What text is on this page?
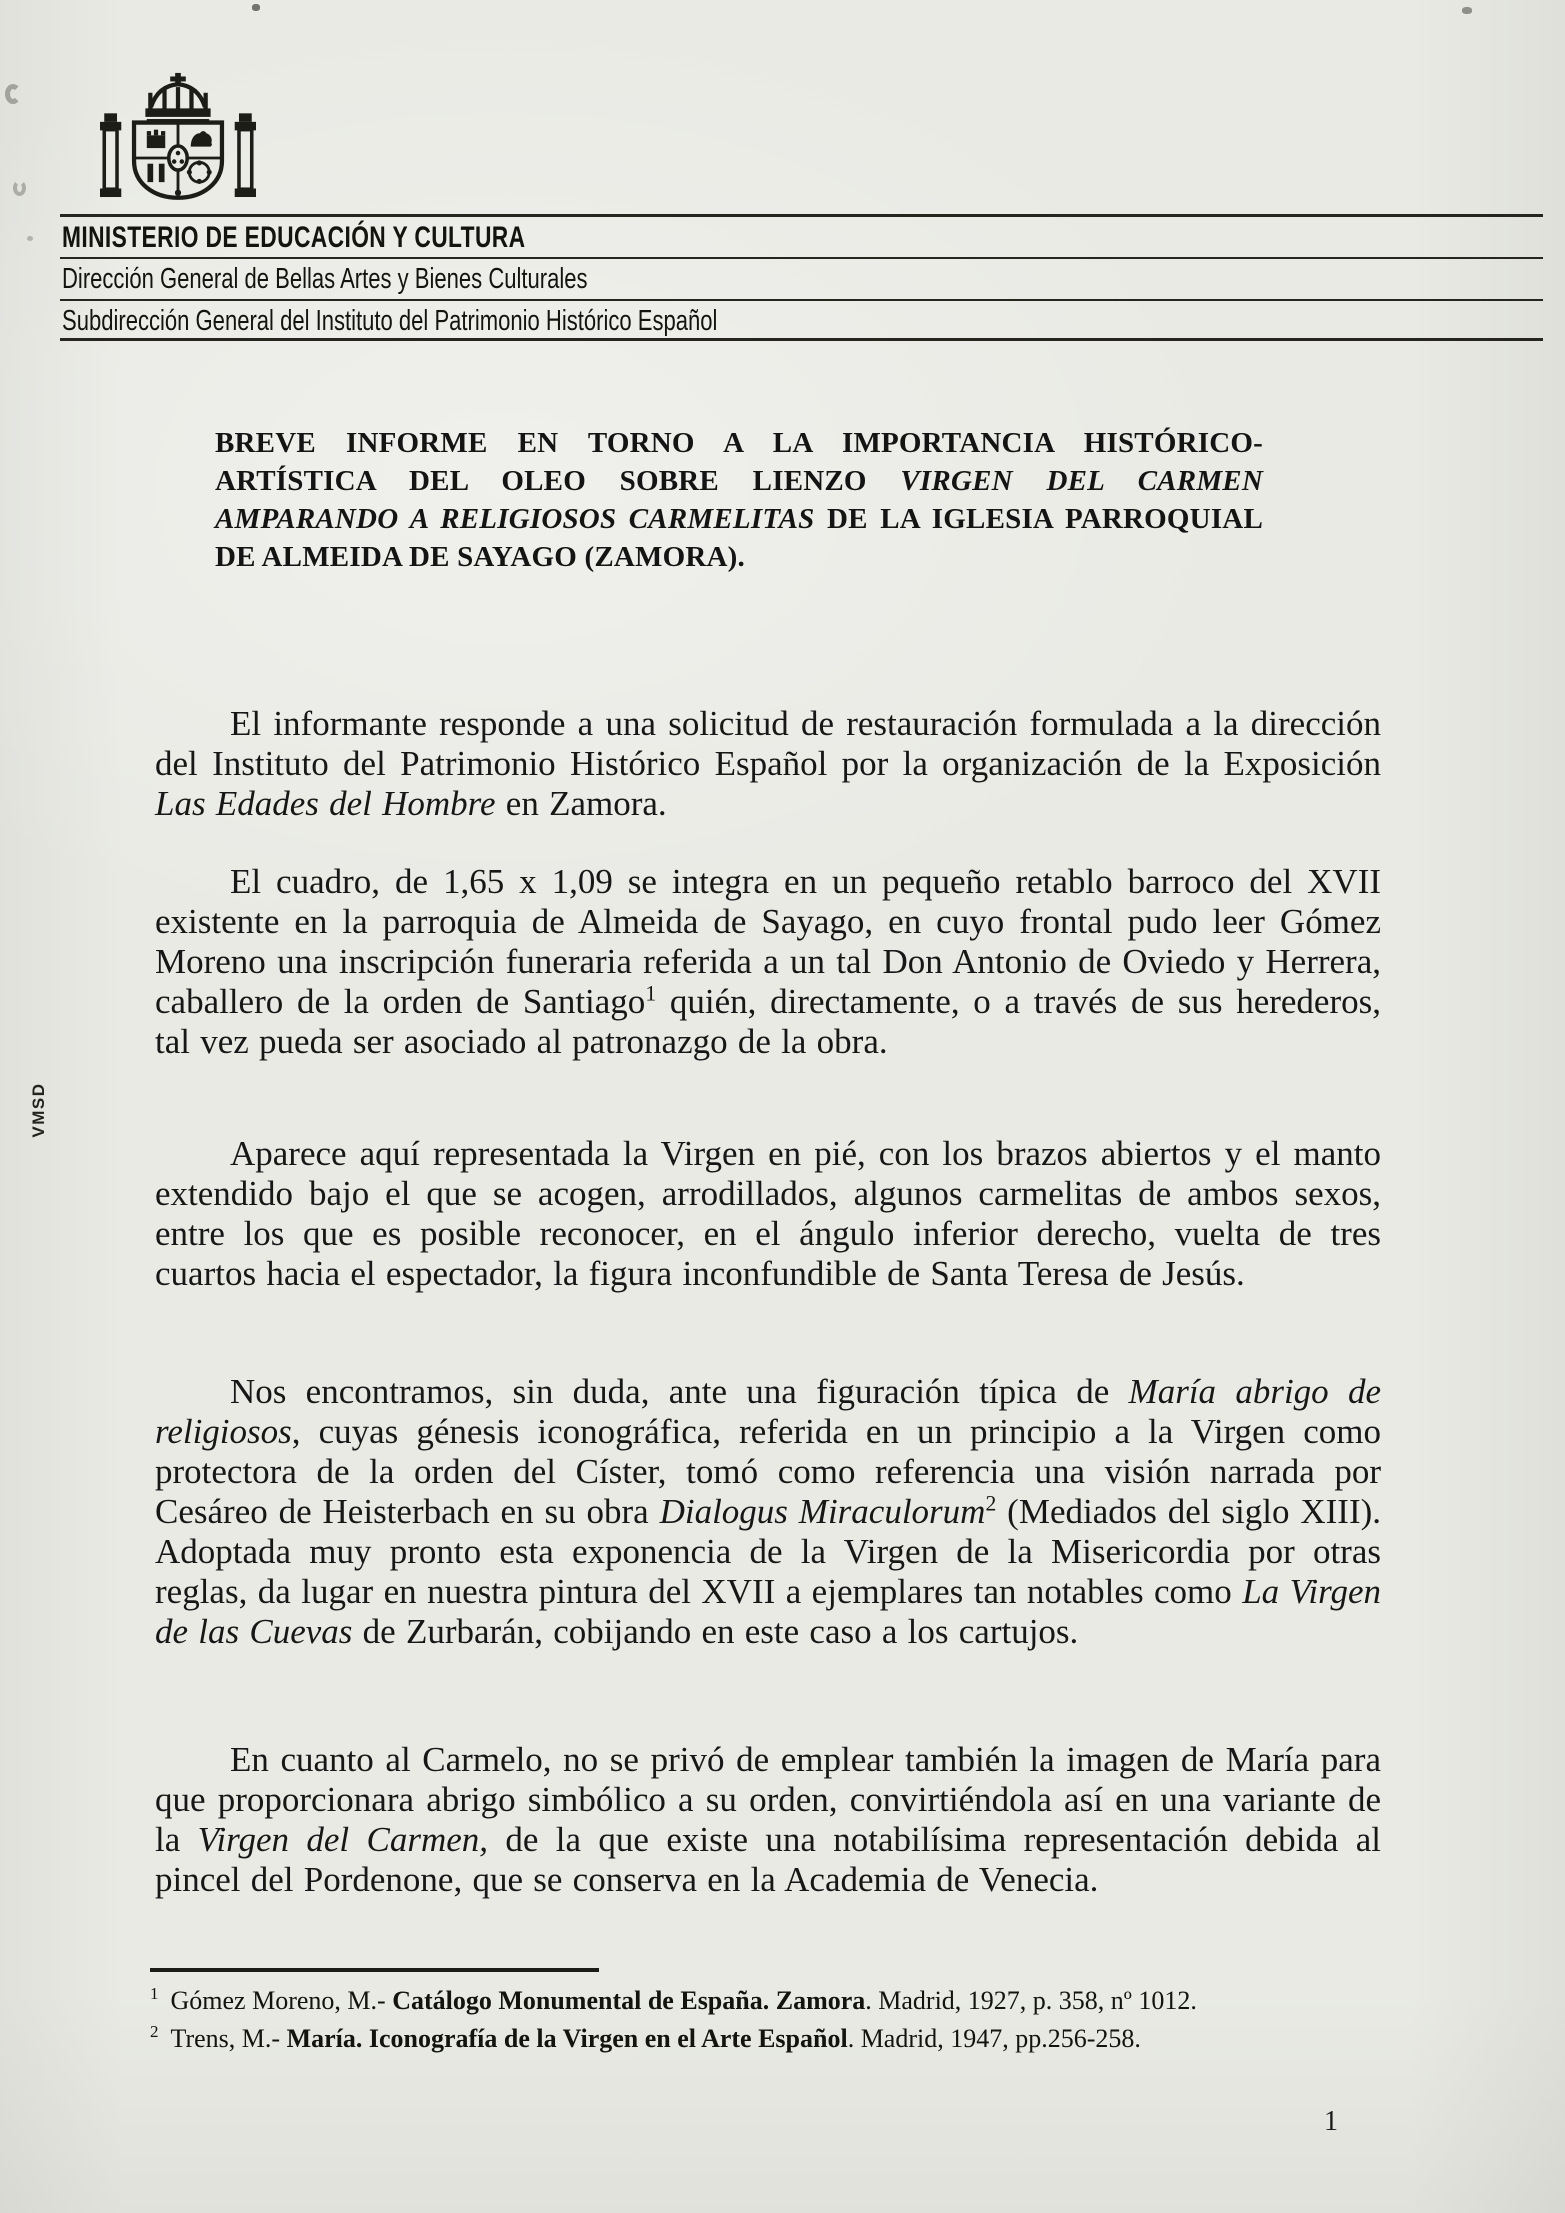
MINISTERIO DE EDUCACIÓN Y CULTURA
Dirección General de Bellas Artes y Bienes Culturales
Subdirección General del Instituto del Patrimonio Histórico Español
BREVE INFORME EN TORNO A LA IMPORTANCIA HISTÓRICO-ARTÍSTICA DEL OLEO SOBRE LIENZO VIRGEN DEL CARMEN AMPARANDO A RELIGIOSOS CARMELITAS DE LA IGLESIA PARROQUIAL DE ALMEIDA DE SAYAGO (ZAMORA).
El informante responde a una solicitud de restauración formulada a la dirección del Instituto del Patrimonio Histórico Español por la organización de la Exposición Las Edades del Hombre en Zamora.
El cuadro, de 1,65 x 1,09 se integra en un pequeño retablo barroco del XVII existente en la parroquia de Almeida de Sayago, en cuyo frontal pudo leer Gómez Moreno una inscripción funeraria referida a un tal Don Antonio de Oviedo y Herrera, caballero de la orden de Santiago$^1$ quién, directamente, o a través de sus herederos, tal vez pueda ser asociado al patronazgo de la obra.
Aparece aquí representada la Virgen en pié, con los brazos abiertos y el manto extendido bajo el que se acogen, arrodillados, algunos carmelitas de ambos sexos, entre los que es posible reconocer, en el ángulo inferior derecho, vuelta de tres cuartos hacia el espectador, la figura inconfundible de Santa Teresa de Jesús.
Nos encontramos, sin duda, ante una figuración típica de María abrigo de religiosos, cuyas génesis iconográfica, referida en un principio a la Virgen como protectora de la orden del Císter, tomó como referencia una visión narrada por Cesáreo de Heisterbach en su obra Dialogus Miraculorum$^2$ (Mediados del siglo XIII). Adoptada muy pronto esta exponencia de la Virgen de la Misericordia por otras reglas, da lugar en nuestra pintura del XVII a ejemplares tan notables como La Virgen de las Cuevas de Zurbarán, cobijando en este caso a los cartujos.
En cuanto al Carmelo, no se privó de emplear también la imagen de María para que proporcionara abrigo simbólico a su orden, convirtiéndola así en una variante de la Virgen del Carmen, de la que existe una notabilísima representación debida al pincel del Pordenone, que se conserva en la Academia de Venecia.
VMSD
$^1$ Gómez Moreno, M.- Catálogo Monumental de España. Zamora. Madrid, 1927, p. 358, nº 1012.
$^2$ Trens, M.- María. Iconografía de la Virgen en el Arte Español. Madrid, 1947, pp.256-258.
1
